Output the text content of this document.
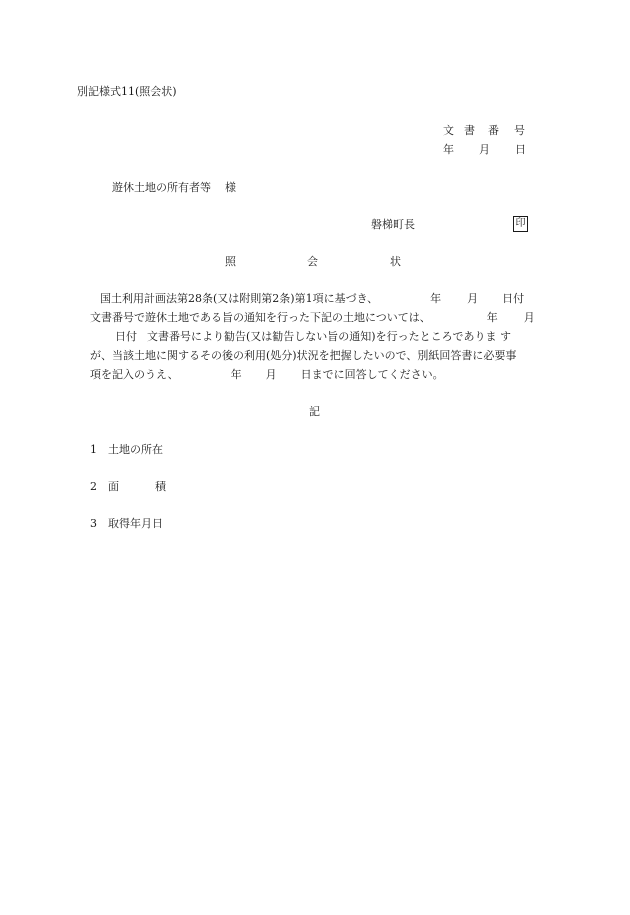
別記様式11(照会状)
文 書 番 号
年 月 日
遊休土地の所有者等 様
磐梯町長	印
照	会	状
国土利用計画法第28条(又は附則第2条)第1項に基づき、	年 月 日付
文書番号で遊休土地である旨の通知を行った下記の土地については、	年 月
日付 文書番号により勧告(又は勧告しない旨の通知)を行ったところでありま す
が、当該土地に関するその後の利用(処分)状況を把握したいので、別紙回答書に必要事
項を記入のうえ、	年 月 日までに回答してください。
記
1 土地の所在
2 面	積
3 取得年月日
